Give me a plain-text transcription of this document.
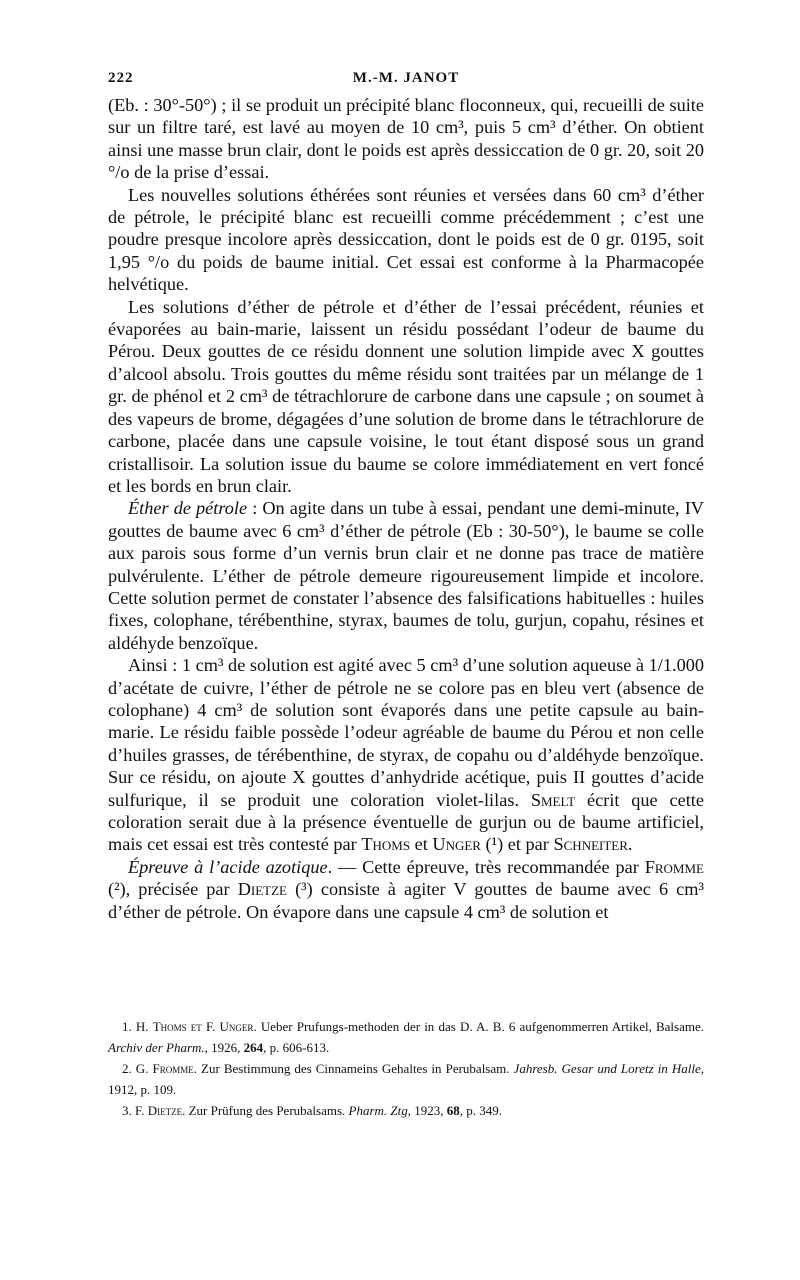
222	M.-M. JANOT

(Eb. : 30°-50°) ; il se produit un précipité blanc floconneux, qui, recueilli de suite sur un filtre taré, est lavé au moyen de 10 cm³, puis 5 cm³ d’éther. On obtient ainsi une masse brun clair, dont le poids est après dessiccation de 0 gr. 20, soit 20 °/o de la prise d’essai.

Les nouvelles solutions éthérées sont réunies et versées dans 60 cm³ d’éther de pétrole, le précipité blanc est recueilli comme précédemment ; c’est une poudre presque incolore après dessiccation, dont le poids est de 0 gr. 0195, soit 1,95 °/o du poids de baume initial. Cet essai est conforme à la Pharmacopée helvétique.

Les solutions d’éther de pétrole et d’éther de l’essai précédent, réunies et évaporées au bain-marie, laissent un résidu possédant l’odeur de baume du Pérou. Deux gouttes de ce résidu donnent une solution limpide avec X gouttes d’alcool absolu. Trois gouttes du même résidu sont traitées par un mélange de 1 gr. de phénol et 2 cm³ de tétrachlorure de carbone dans une capsule ; on soumet à des vapeurs de brome, dégagées d’une solution de brome dans le tétrachlorure de carbone, placée dans une capsule voisine, le tout étant disposé sous un grand cristallisoir. La solution issue du baume se colore immédiatement en vert foncé et les bords en brun clair.

Éther de pétrole : On agite dans un tube à essai, pendant une demi-minute, IV gouttes de baume avec 6 cm³ d’éther de pétrole (Eb : 30-50°), le baume se colle aux parois sous forme d’un vernis brun clair et ne donne pas trace de matière pulvérulente. L’éther de pétrole demeure rigoureusement limpide et incolore. Cette solution permet de constater l’absence des falsifications habituelles : huiles fixes, colophane, térébenthine, styrax, baumes de tolu, gurjun, copahu, résines et aldéhyde benzoïque.

Ainsi : 1 cm³ de solution est agité avec 5 cm³ d’une solution aqueuse à 1/1.000 d’acétate de cuivre, l’éther de pétrole ne se colore pas en bleu vert (absence de colophane) 4 cm³ de solution sont évaporés dans une petite capsule au bain-marie. Le résidu faible possède l’odeur agréable de baume du Pérou et non celle d’huiles grasses, de térébenthine, de styrax, de copahu ou d’aldéhyde benzoïque. Sur ce résidu, on ajoute X gouttes d’anhydride acétique, puis II gouttes d’acide sulfurique, il se produit une coloration violet-lilas. Smelt écrit que cette coloration serait due à la présence éventuelle de gurjun ou de baume artificiel, mais cet essai est très contesté par Thoms et Unger (¹) et par Schneiter.

Épreuve à l’acide azotique. — Cette épreuve, très recommandée par Fromme (²), précisée par Dietze (³) consiste à agiter V gouttes de baume avec 6 cm³ d’éther de pétrole. On évapore dans une capsule 4 cm³ de solution et

1. H. Thoms et F. Unger. Ueber Prufungs-methoden der in das D. A. B. 6 aufgenommerren Artikel, Balsame. Archiv der Pharm., 1926, 264, p. 606-613.

2. G. Fromme. Zur Bestimmung des Cinnameins Gehaltes in Perubalsam. Jahresb. Gesar und Loretz in Halle, 1912, p. 109.

3. F. Dietze. Zur Prüfung des Perubalsams. Pharm. Ztg, 1923, 68, p. 349.
